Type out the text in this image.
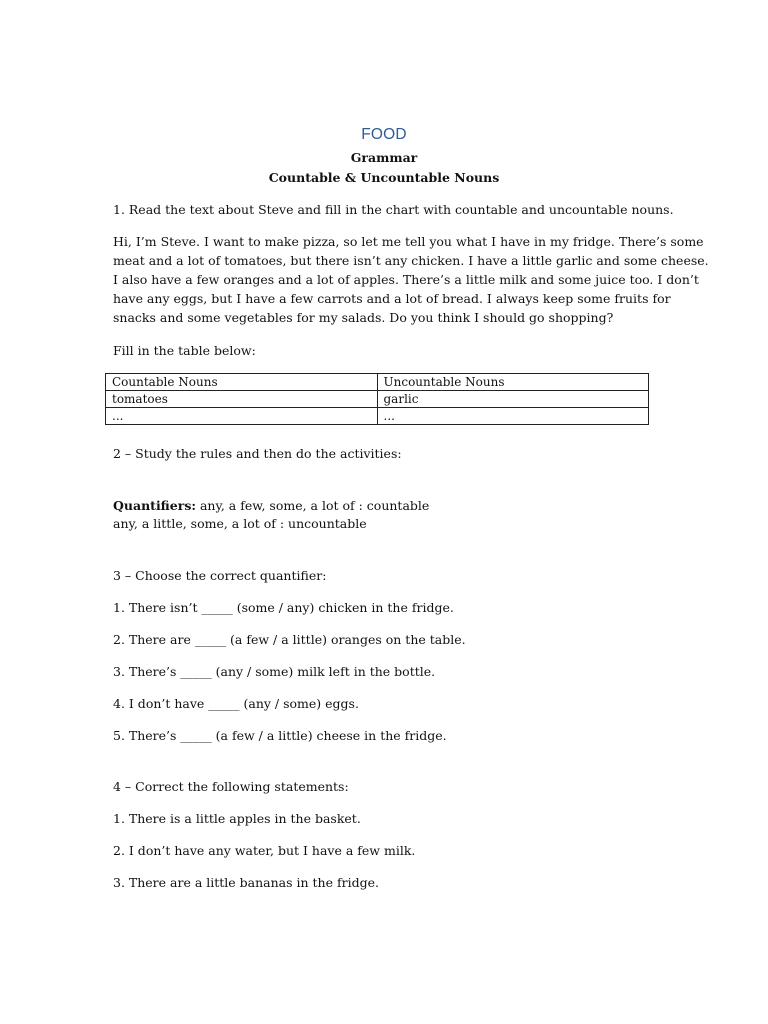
FOOD
Grammar
Countable & Uncountable Nouns
1. Read the text about Steve and fill in the chart with countable and uncountable nouns.
Hi, I’m Steve. I want to make pizza, so let me tell you what I have in my fridge. There’s some
meat and a lot of tomatoes, but there isn’t any chicken. I have a little garlic and some cheese.
I also have a few oranges and a lot of apples. There’s a little milk and some juice too. I don’t
have any eggs, but I have a few carrots and a lot of bread. I always keep some fruits for
snacks and some vegetables for my salads. Do you think I should go shopping?
Fill in the table below:
Countable Nouns	Uncountable Nouns
tomatoes	garlic
...	...
2 – Study the rules and then do the activities:
Quantifiers: any, a few, some, a lot of : countable
any, a little, some, a lot of : uncountable
3 – Choose the correct quantifier:
1. There isn’t _____ (some / any) chicken in the fridge.
2. There are _____ (a few / a little) oranges on the table.
3. There’s _____ (any / some) milk left in the bottle.
4. I don’t have _____ (any / some) eggs.
5. There’s _____ (a few / a little) cheese in the fridge.
4 – Correct the following statements:
1. There is a little apples in the basket.
2. I don’t have any water, but I have a few milk.
3. There are a little bananas in the fridge.
